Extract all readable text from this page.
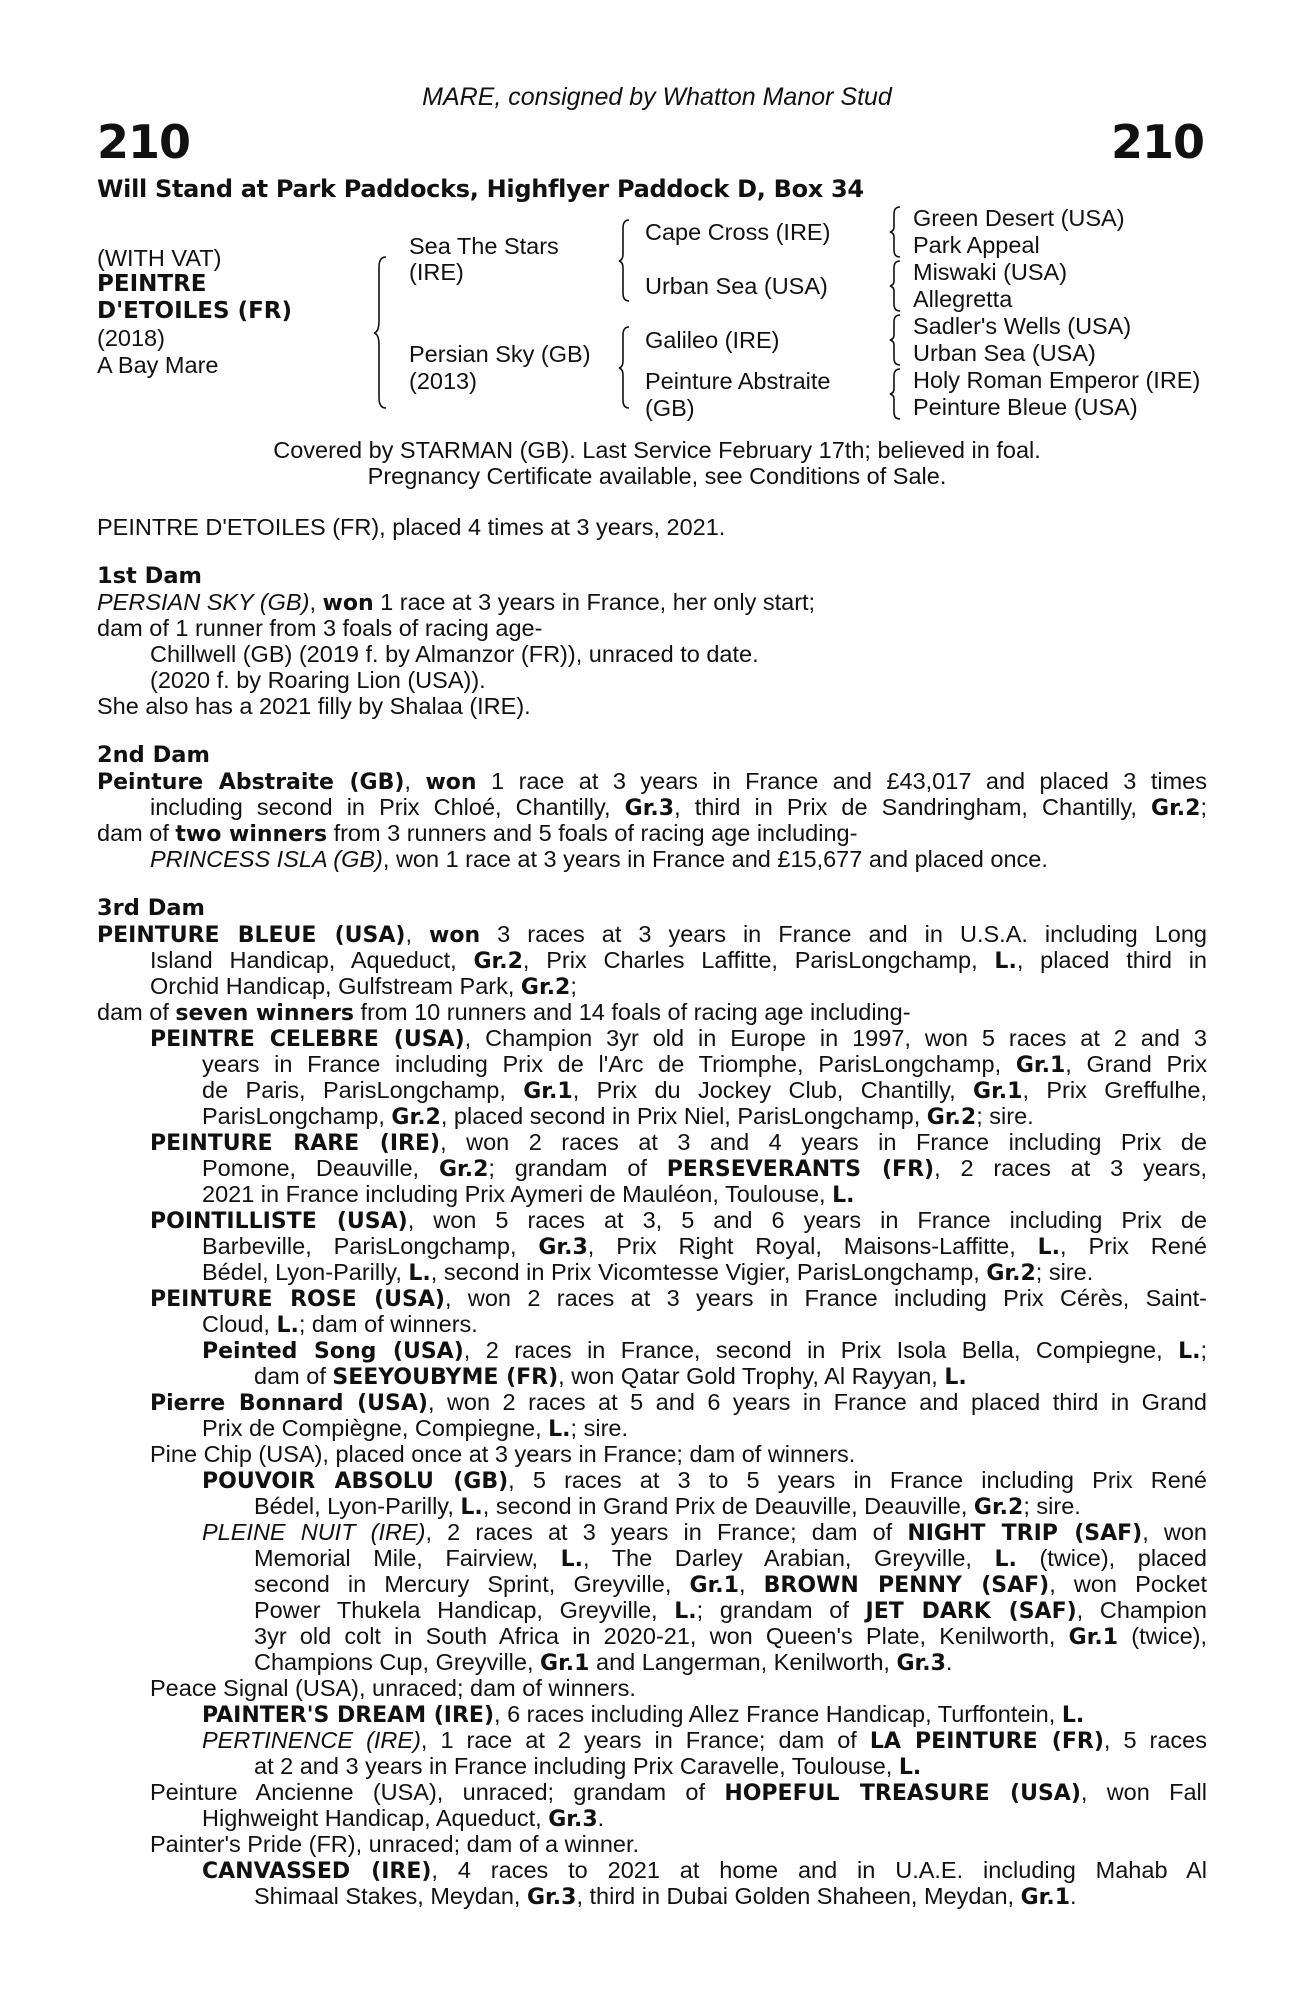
MARE, consigned by Whatton Manor Stud
210	210
Will Stand at Park Paddocks, Highflyer Paddock D, Box 34
(WITH VAT)
PEINTRE
D'ETOILES (FR)
(2018)
A Bay Mare
Sea The Stars
(IRE)
Persian Sky (GB)
(2013)
Cape Cross (IRE)
Urban Sea (USA)
Galileo (IRE)
Peinture Abstraite
(GB)
Green Desert (USA)
Park Appeal
Miswaki (USA)
Allegretta
Sadler's Wells (USA)
Urban Sea (USA)
Holy Roman Emperor (IRE)
Peinture Bleue (USA)
Covered by STARMAN (GB). Last Service February 17th; believed in foal.
Pregnancy Certificate available, see Conditions of Sale.
PEINTRE D'ETOILES (FR), placed 4 times at 3 years, 2021.
1st Dam
PERSIAN SKY (GB), won 1 race at 3 years in France, her only start;
dam of 1 runner from 3 foals of racing age-
Chillwell (GB) (2019 f. by Almanzor (FR)), unraced to date.
(2020 f. by Roaring Lion (USA)).
She also has a 2021 filly by Shalaa (IRE).
2nd Dam
Peinture Abstraite (GB), won 1 race at 3 years in France and £43,017 and placed 3 times
including second in Prix Chloé, Chantilly, Gr.3, third in Prix de Sandringham, Chantilly, Gr.2;
dam of two winners from 3 runners and 5 foals of racing age including-
PRINCESS ISLA (GB), won 1 race at 3 years in France and £15,677 and placed once.
3rd Dam
PEINTURE BLEUE (USA), won 3 races at 3 years in France and in U.S.A. including Long
Island Handicap, Aqueduct, Gr.2, Prix Charles Laffitte, ParisLongchamp, L., placed third in
Orchid Handicap, Gulfstream Park, Gr.2;
dam of seven winners from 10 runners and 14 foals of racing age including-
PEINTRE CELEBRE (USA), Champion 3yr old in Europe in 1997, won 5 races at 2 and 3
years in France including Prix de l'Arc de Triomphe, ParisLongchamp, Gr.1, Grand Prix
de Paris, ParisLongchamp, Gr.1, Prix du Jockey Club, Chantilly, Gr.1, Prix Greffulhe,
ParisLongchamp, Gr.2, placed second in Prix Niel, ParisLongchamp, Gr.2; sire.
PEINTURE RARE (IRE), won 2 races at 3 and 4 years in France including Prix de
Pomone, Deauville, Gr.2; grandam of PERSEVERANTS (FR), 2 races at 3 years,
2021 in France including Prix Aymeri de Mauléon, Toulouse, L.
POINTILLISTE (USA), won 5 races at 3, 5 and 6 years in France including Prix de
Barbeville, ParisLongchamp, Gr.3, Prix Right Royal, Maisons-Laffitte, L., Prix René
Bédel, Lyon-Parilly, L., second in Prix Vicomtesse Vigier, ParisLongchamp, Gr.2; sire.
PEINTURE ROSE (USA), won 2 races at 3 years in France including Prix Cérès, Saint-
Cloud, L.; dam of winners.
Peinted Song (USA), 2 races in France, second in Prix Isola Bella, Compiegne, L.;
dam of SEEYOUBYME (FR), won Qatar Gold Trophy, Al Rayyan, L.
Pierre Bonnard (USA), won 2 races at 5 and 6 years in France and placed third in Grand
Prix de Compiègne, Compiegne, L.; sire.
Pine Chip (USA), placed once at 3 years in France; dam of winners.
POUVOIR ABSOLU (GB), 5 races at 3 to 5 years in France including Prix René
Bédel, Lyon-Parilly, L., second in Grand Prix de Deauville, Deauville, Gr.2; sire.
PLEINE NUIT (IRE), 2 races at 3 years in France; dam of NIGHT TRIP (SAF), won
Memorial Mile, Fairview, L., The Darley Arabian, Greyville, L. (twice), placed
second in Mercury Sprint, Greyville, Gr.1, BROWN PENNY (SAF), won Pocket
Power Thukela Handicap, Greyville, L.; grandam of JET DARK (SAF), Champion
3yr old colt in South Africa in 2020-21, won Queen's Plate, Kenilworth, Gr.1 (twice),
Champions Cup, Greyville, Gr.1 and Langerman, Kenilworth, Gr.3.
Peace Signal (USA), unraced; dam of winners.
PAINTER'S DREAM (IRE), 6 races including Allez France Handicap, Turffontein, L.
PERTINENCE (IRE), 1 race at 2 years in France; dam of LA PEINTURE (FR), 5 races
at 2 and 3 years in France including Prix Caravelle, Toulouse, L.
Peinture Ancienne (USA), unraced; grandam of HOPEFUL TREASURE (USA), won Fall
Highweight Handicap, Aqueduct, Gr.3.
Painter's Pride (FR), unraced; dam of a winner.
CANVASSED (IRE), 4 races to 2021 at home and in U.A.E. including Mahab Al
Shimaal Stakes, Meydan, Gr.3, third in Dubai Golden Shaheen, Meydan, Gr.1.
